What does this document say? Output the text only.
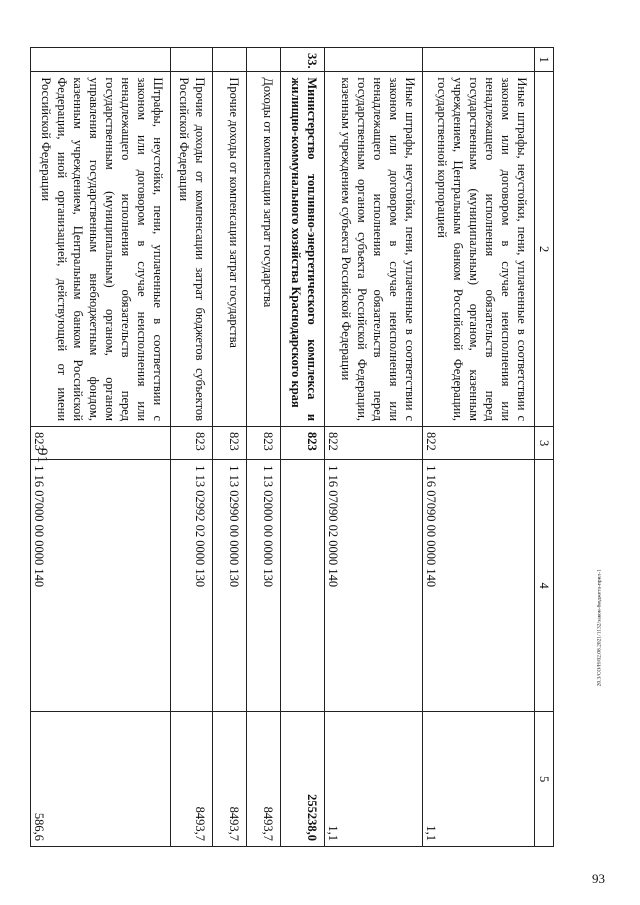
91
1	2	3	4	5
	Иные штрафы, неустойки, пени, уплаченные в соответствии с законом или договором в случае неисполнения или ненадлежащего исполнения обязательств перед государственным (муниципальным) органом, казенным учреждением, Центральным банком Российской Федерации, государственной корпорацией	822	1 16 07090 00 0000 140	1,1
	Иные штрафы, неустойки, пени, уплаченные в соответствии с законом или договором в случае неисполнения или ненадлежащего исполнения обязательств перед государственным органом субъекта Российской Федерации, казенным учреждением субъекта Российской Федерации	822	1 16 07090 02 0000 140	1,1
33.	Министерство топливно-энергетического комплекса и жилищно-коммунального хозяйства Краснодарского края	823		255238,0
	Доходы от компенсации затрат государства	823	1 13 02000 00 0000 130	8493,7
	Прочие доходы от компенсации затрат государства	823	1 13 02990 00 0000 130	8493,7
	Прочие доходы от компенсации затрат бюджетов субъектов Российской Федерации	823	1 13 02992 02 0000 130	8493,7
	Штрафы, неустойки, пени, уплаченные в соответствии с законом или договором в случае неисполнения или ненадлежащего исполнения обязательств перед государственным (муниципальным) органом, органом управления государственным внебюджетным фондом, казенным учреждением, Центральным банком Российской Федерации, иной организацией, действующей от имени Российской Федерации	823	1 16 07000 00 0000 140	586,6
20.3/СО/Н/02.08.2021/1132/закон-бюджета-прил-1
93
